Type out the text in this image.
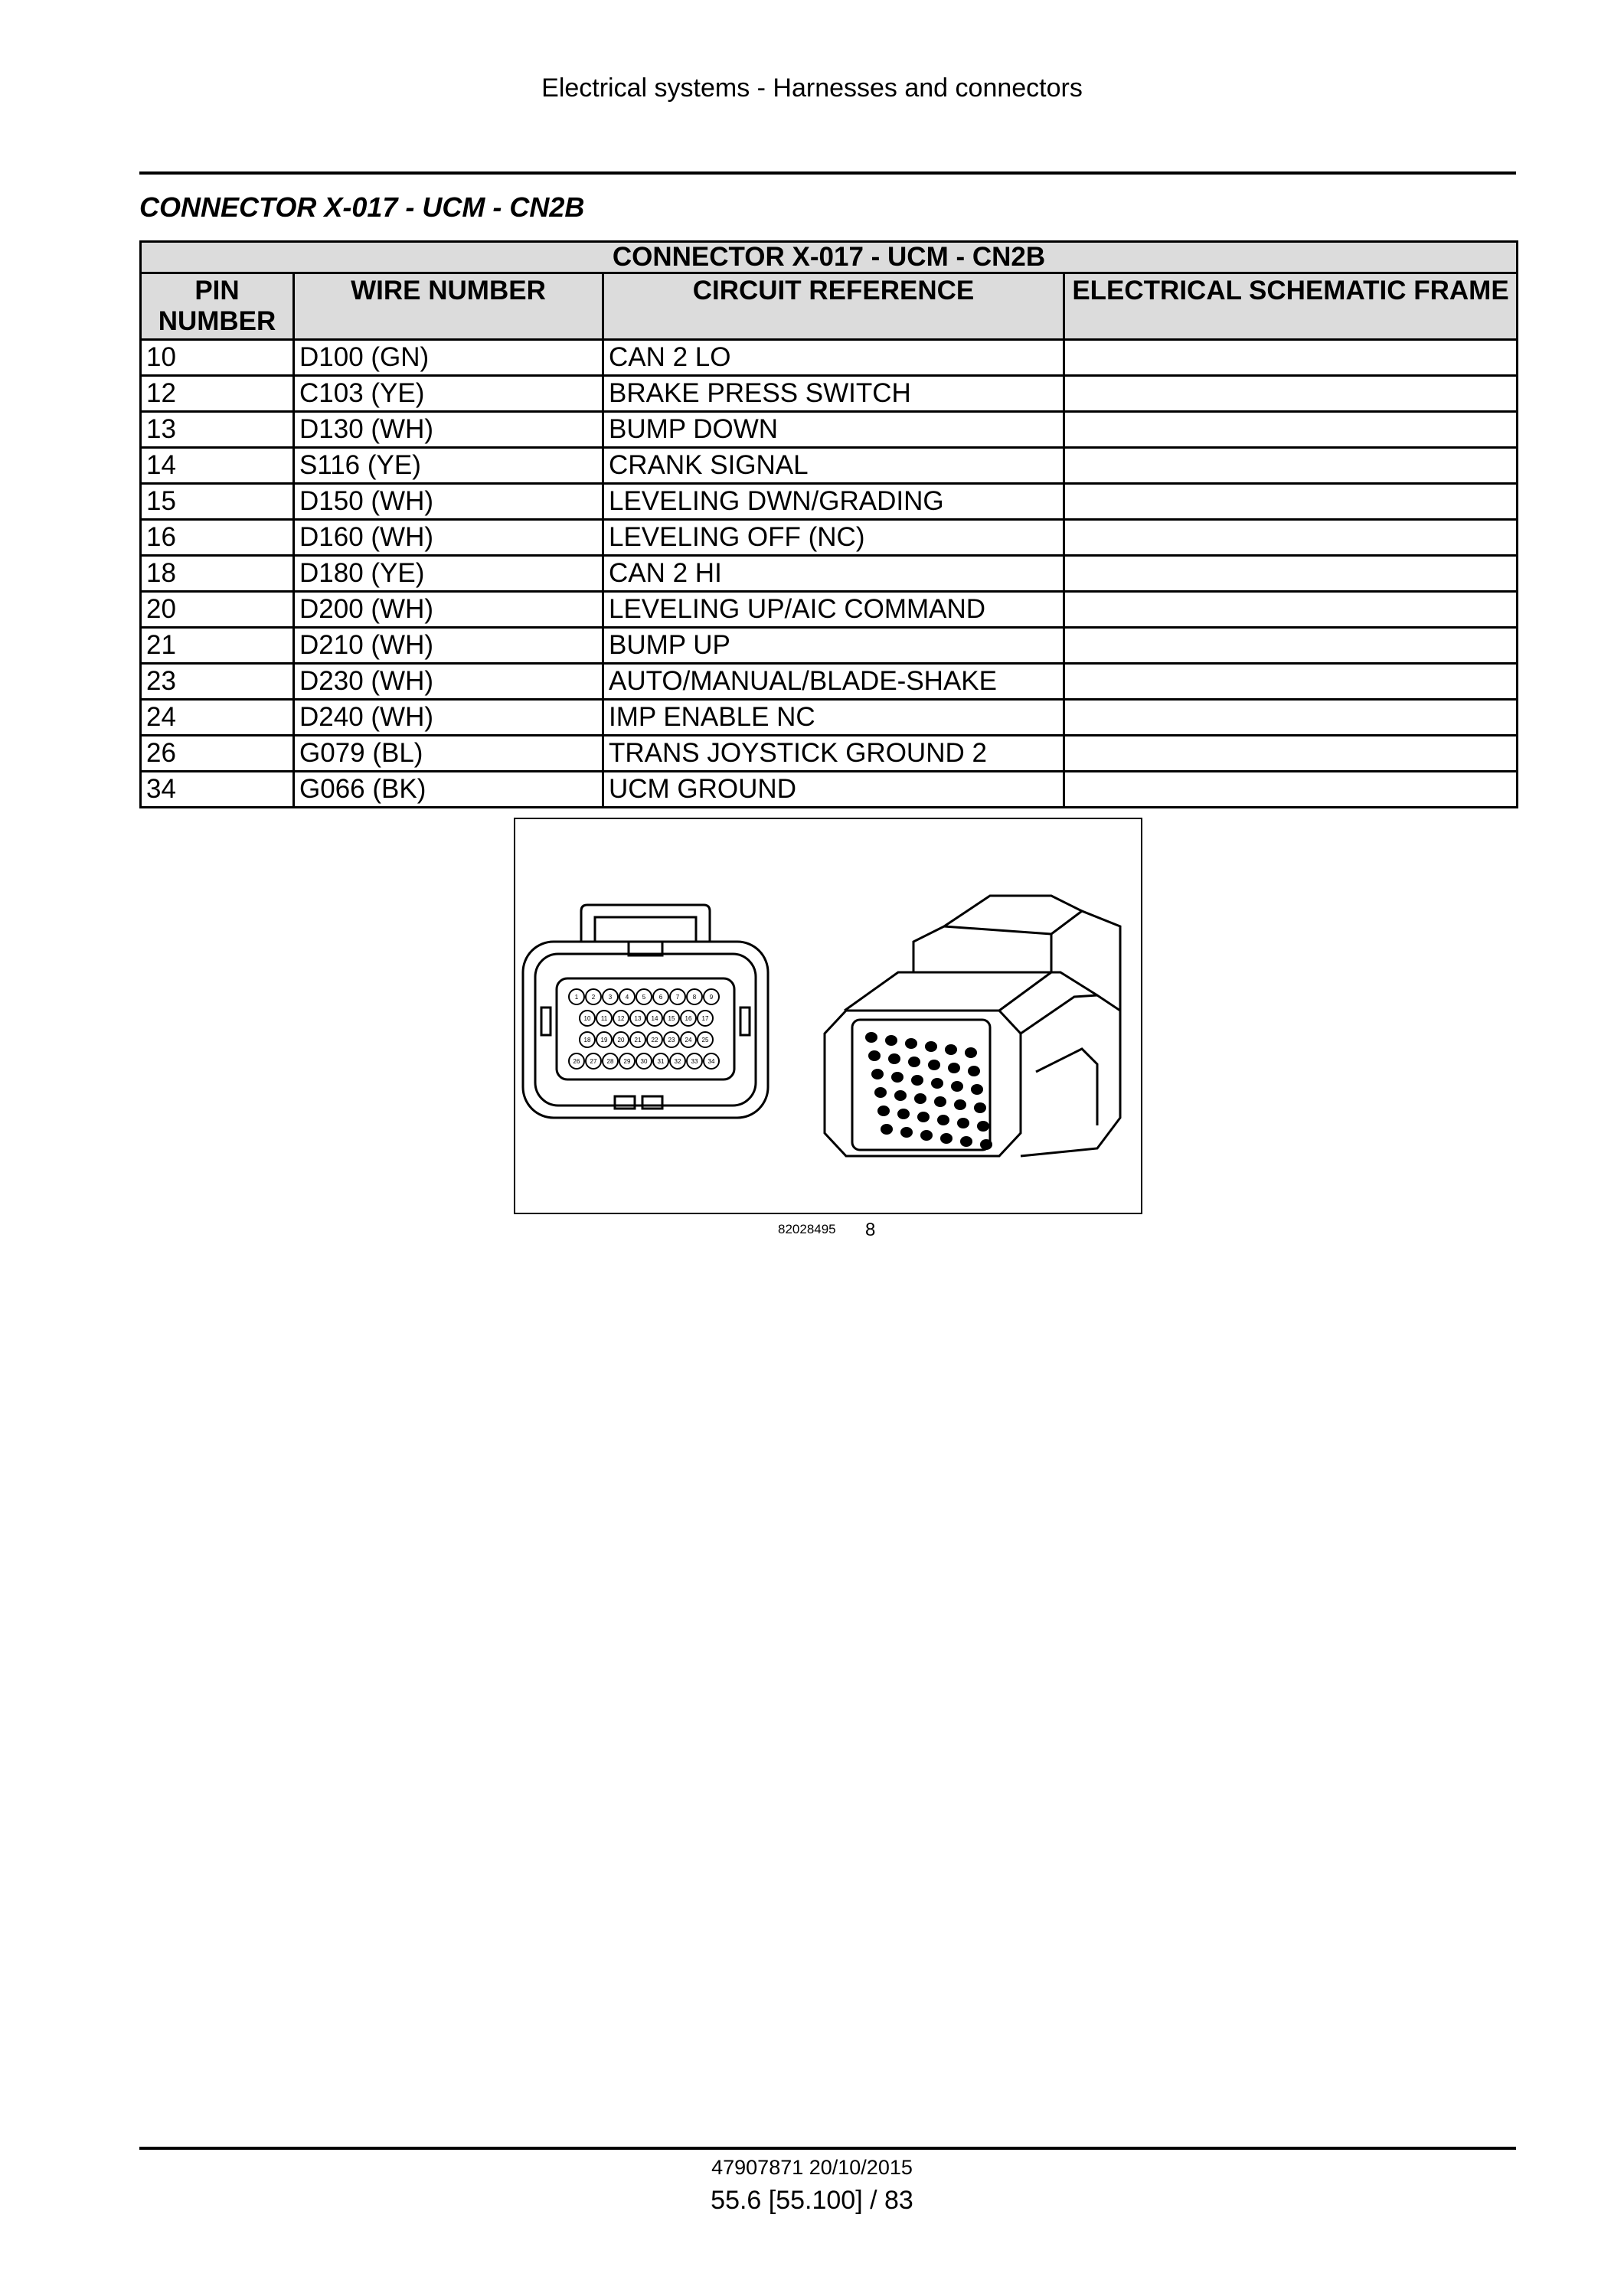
Electrical systems - Harnesses and connectors
CONNECTOR X-017 - UCM - CN2B
CONNECTOR X-017 - UCM - CN2B			
PIN NUMBER	WIRE NUMBER	CIRCUIT REFERENCE	ELECTRICAL SCHEMATIC FRAME
10	D100 (GN)	CAN 2 LO	
12	C103 (YE)	BRAKE PRESS SWITCH	
13	D130 (WH)	BUMP DOWN	
14	S116 (YE)	CRANK SIGNAL	
15	D150 (WH)	LEVELING DWN/GRADING	
16	D160 (WH)	LEVELING OFF (NC)	
18	D180 (YE)	CAN 2 HI	
20	D200 (WH)	LEVELING UP/AIC COMMAND	
21	D210 (WH)	BUMP UP	
23	D230 (WH)	AUTO/MANUAL/BLADE-SHAKE	
24	D240 (WH)	IMP ENABLE NC	
26	G079 (BL)	TRANS JOYSTICK GROUND 2	
34	G066 (BK)	UCM GROUND	
1 2 3 4 5 6 7 8 9
10 11 12 13 14 15 16 17
18 19 20 21 22 23 24 25
26 27 28 29 30 31 32 33 34
82028495 8
47907871 20/10/2015
55.6 [55.100] / 83
